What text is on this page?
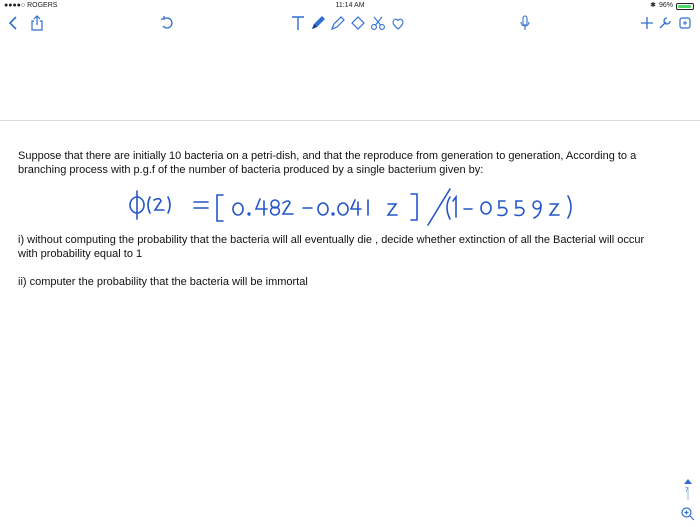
●●●●○ ROGERS	11:14 AM	✱ 96%
Suppose that there are initially 10 bacteria on a petri-dish, and that the reproduce from generation to generation, According to a branching process with p.g.f of the number of bacteria produced by a single bacterium given by:
i) without computing the probability that the bacteria will all eventually die , decide whether extinction of all the Bacterial will occur with probability equal to 1
ii) computer the probability that the bacteria will be immortal
7
